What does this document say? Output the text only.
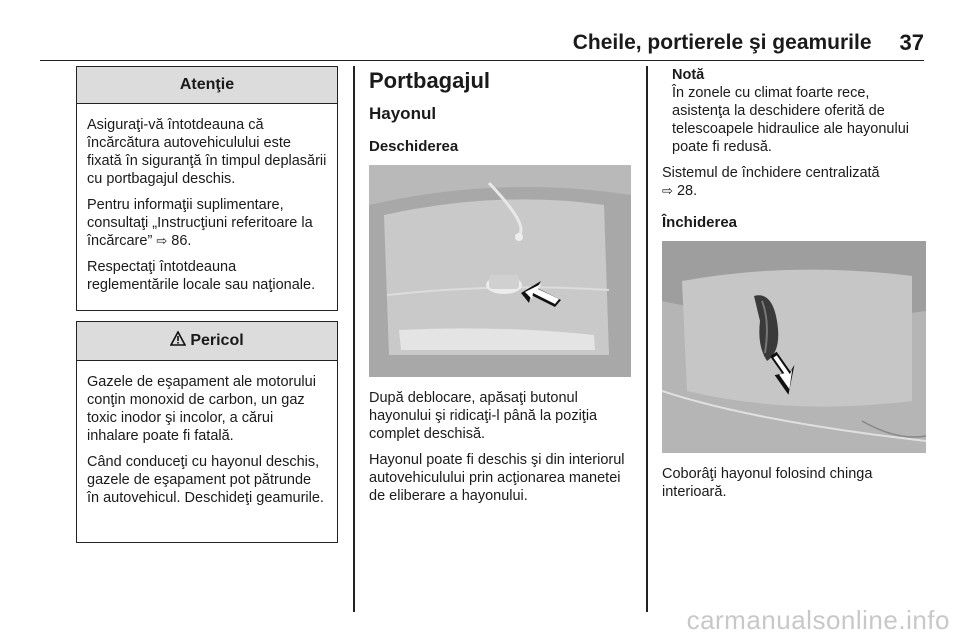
Cheile, portierele şi geamurile 37
Atenţie

Asiguraţi-vă întotdeauna că încărcătura autovehiculului este fixată în siguranţă în timpul deplasării cu portbagajul deschis.

Pentru informaţii suplimentare, consultaţi „Instrucţiuni referitoare la încărcare” ⇨ 86.

Respectaţi întotdeauna reglementările locale sau naţionale.

Pericol

Gazele de eşapament ale motorului conţin monoxid de carbon, un gaz toxic inodor şi incolor, a cărui inhalare poate fi fatală.

Când conduceţi cu hayonul deschis, gazele de eşapament pot pătrunde în autovehicul. Deschideţi geamurile.

Portbagajul
Hayonul
Deschiderea

După deblocare, apăsaţi butonul hayonului şi ridicaţi-l până la poziţia complet deschisă.

Hayonul poate fi deschis şi din interiorul autovehiculului prin acţionarea manetei de eliberare a hayonului.

Notă

În zonele cu climat foarte rece, asistenţa la deschidere oferită de telescoapele hidraulice ale hayonului poate fi redusă.

Sistemul de închidere centralizată
⇨ 28.

Închiderea

Coborâţi hayonul folosind chinga interioară.

carmanualsonline.info
